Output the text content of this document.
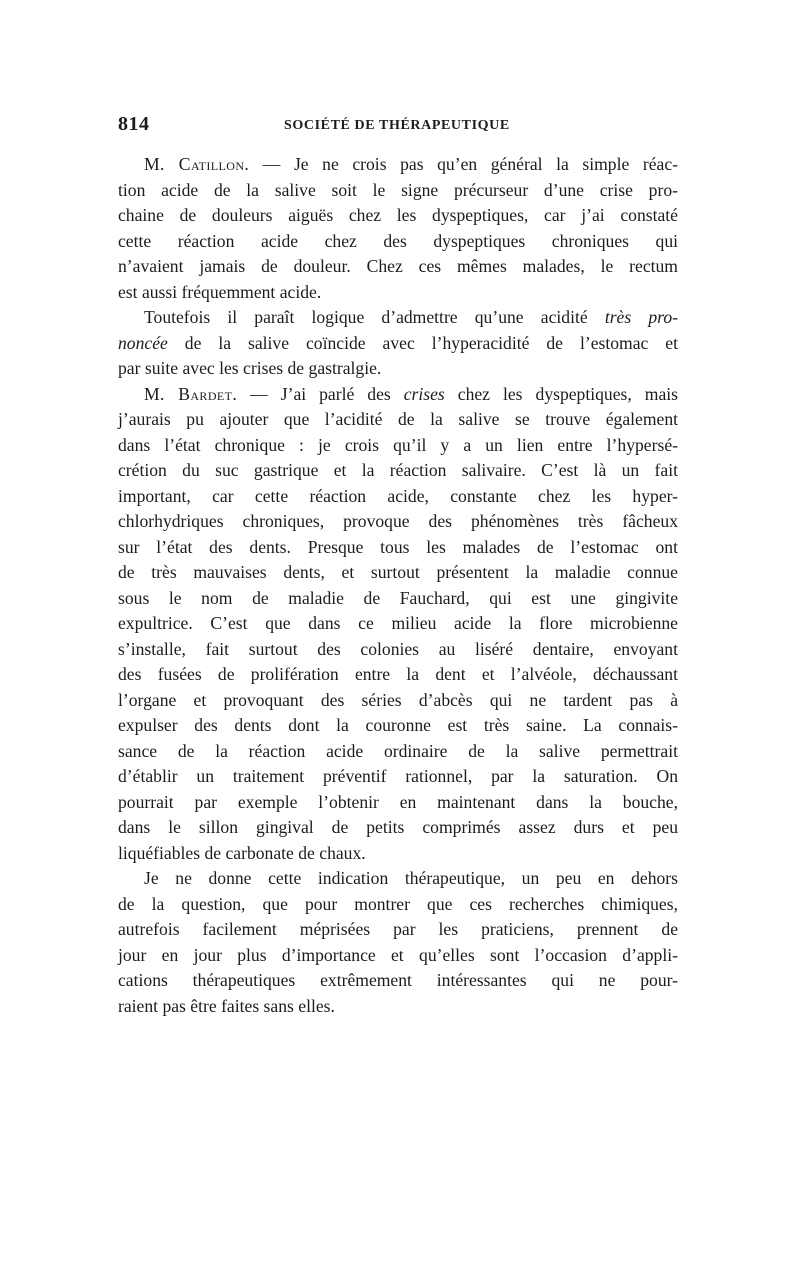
814	SOCIÉTÉ DE THÉRAPEUTIQUE
M. Catillon. — Je ne crois pas qu’en général la simple réac-
tion acide de la salive soit le signe précurseur d’une crise pro-
chaine de douleurs aiguës chez les dyspeptiques, car j’ai constaté
cette réaction acide chez des dyspeptiques chroniques qui
n’avaient jamais de douleur. Chez ces mêmes malades, le rectum
est aussi fréquemment acide.
Toutefois il paraît logique d’admettre qu’une acidité très pro-
noncée de la salive coïncide avec l’hyperacidité de l’estomac et
par suite avec les crises de gastralgie.
M. Bardet. — J’ai parlé des crises chez les dyspeptiques, mais
j’aurais pu ajouter que l’acidité de la salive se trouve également
dans l’état chronique : je crois qu’il y a un lien entre l’hypersé-
crétion du suc gastrique et la réaction salivaire. C’est là un fait
important, car cette réaction acide, constante chez les hyper-
chlorhydriques chroniques, provoque des phénomènes très fâcheux
sur l’état des dents. Presque tous les malades de l’estomac ont
de très mauvaises dents, et surtout présentent la maladie connue
sous le nom de maladie de Fauchard, qui est une gingivite
expultrice. C’est que dans ce milieu acide la flore microbienne
s’installe, fait surtout des colonies au liséré dentaire, envoyant
des fusées de prolifération entre la dent et l’alvéole, déchaussant
l’organe et provoquant des séries d’abcès qui ne tardent pas à
expulser des dents dont la couronne est très saine. La connais-
sance de la réaction acide ordinaire de la salive permettrait
d’établir un traitement préventif rationnel, par la saturation. On
pourrait par exemple l’obtenir en maintenant dans la bouche,
dans le sillon gingival de petits comprimés assez durs et peu
liquéfiables de carbonate de chaux.
Je ne donne cette indication thérapeutique, un peu en dehors
de la question, que pour montrer que ces recherches chimiques,
autrefois facilement méprisées par les praticiens, prennent de
jour en jour plus d’importance et qu’elles sont l’occasion d’appli-
cations thérapeutiques extrêmement intéressantes qui ne pour-
raient pas être faites sans elles.
